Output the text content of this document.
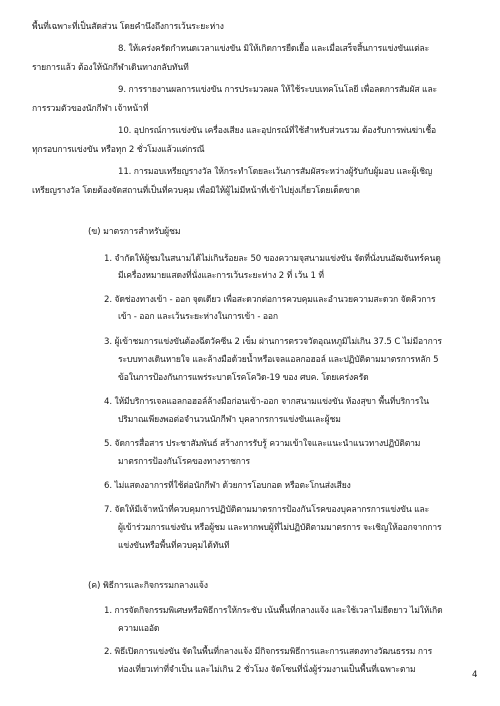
พื้นที่เฉพาะที่เป็นสัดส่วน โดยคำนึงถึงการเว้นระยะห่าง
8. ให้เคร่งครัดกำหนดเวลาแข่งขัน มิให้เกิดการยืดเยื้อ และเมื่อเสร็จสิ้นการแข่งขันแต่ละ
รายการแล้ว ต้องให้นักกีฬาเดินทางกลับทันที
9. การรายงานผลการแข่งขัน การประมวลผล ให้ใช้ระบบเทคโนโลยี เพื่อลดการสัมผัส และ
การรวมตัวของนักกีฬา เจ้าหน้าที่
10. อุปกรณ์การแข่งขัน เครื่องเสียง และอุปกรณ์ที่ใช้สำหรับส่วนรวม ต้องรับการพ่นฆ่าเชื้อ
ทุกรอบการแข่งขัน หรือทุก 2 ชั่วโมงแล้วแต่กรณี
11. การมอบเหรียญรางวัล ให้กระทำโดยละเว้นการสัมผัสระหว่างผู้รับกับผู้มอบ และผู้เชิญ
เหรียญรางวัล โดยต้องจัดสถานที่เป็นที่ควบคุม เพื่อมิให้ผู้ไม่มีหน้าที่เข้าไปยุ่งเกี่ยวโดยเด็ดขาด
(ข) มาตรการสำหรับผู้ชม
1. จำกัดให้ผู้ชมในสนามได้ไม่เกินร้อยละ 50 ของความจุสนามแข่งขัน จัดที่นั่งบนอัฒจันทร์คนดู
มีเครื่องหมายแสดงที่นั่งและการเว้นระยะห่าง 2 ที่ เว้น 1 ที่
2. จัดช่องทางเข้า - ออก จุดเดียว เพื่อสะดวกต่อการควบคุมและอำนวยความสะดวก จัดคิวการ
เข้า - ออก และเว้นระยะห่างในการเข้า - ออก
3. ผู้เข้าชมการแข่งขันต้องฉีดวัคซีน 2 เข็ม ผ่านการตรวจวัดอุณหภูมิไม่เกิน 37.5 C ไม่มีอาการ
ระบบทางเดินหายใจ และล้างมือด้วยน้ำหรือเจลแอลกอฮอล์ และปฏิบัติตามมาตรการหลัก 5
ข้อในการป้องกันการแพร่ระบาดโรคโควิด-19 ของ ศบค. โดยเคร่งครัด
4. ให้มีบริการเจลแอลกอฮอล์ล้างมือก่อนเข้า-ออก จากสนามแข่งขัน ห้องสุขา พื้นที่บริการใน
ปริมาณเพียงพอต่อจำนวนนักกีฬา บุคลากรการแข่งขันและผู้ชม
5. จัดการสื่อสาร ประชาสัมพันธ์ สร้างการรับรู้ ความเข้าใจและแนะนำแนวทางปฏิบัติตาม
มาตรการป้องกันโรคของทางราชการ
6. ไม่แสดงอาการที่ใช้ต่อนักกีฬา ด้วยการโอบกอด หรือตะโกนส่งเสียง
7. จัดให้มีเจ้าหน้าที่ควบคุมการปฏิบัติตามมาตรการป้องกันโรคของบุคลากรการแข่งขัน และ
ผู้เข้าร่วมการแข่งขัน หรือผู้ชม และหากพบผู้ที่ไม่ปฏิบัติตามมาตรการ จะเชิญให้ออกจากการ
แข่งขันหรือพื้นที่ควบคุมได้ทันที
(ค) พิธีการและกิจกรรมกลางแจ้ง
1. การจัดกิจกรรมพิเศษหรือพิธีการให้กระชับ เน้นพื้นที่กลางแจ้ง และใช้เวลาไม่ยืดยาว ไม่ให้เกิด
ความแออัด
2. พิธีเปิดการแข่งขัน จัดในพื้นที่กลางแจ้ง มีกิจกรรมพิธีการและการแสดงทางวัฒนธรรม การ
ท่องเที่ยวเท่าที่จำเป็น และไม่เกิน 2 ชั่วโมง จัดโซนที่นั่งผู้ร่วมงานเป็นพื้นที่เฉพาะตาม	4
